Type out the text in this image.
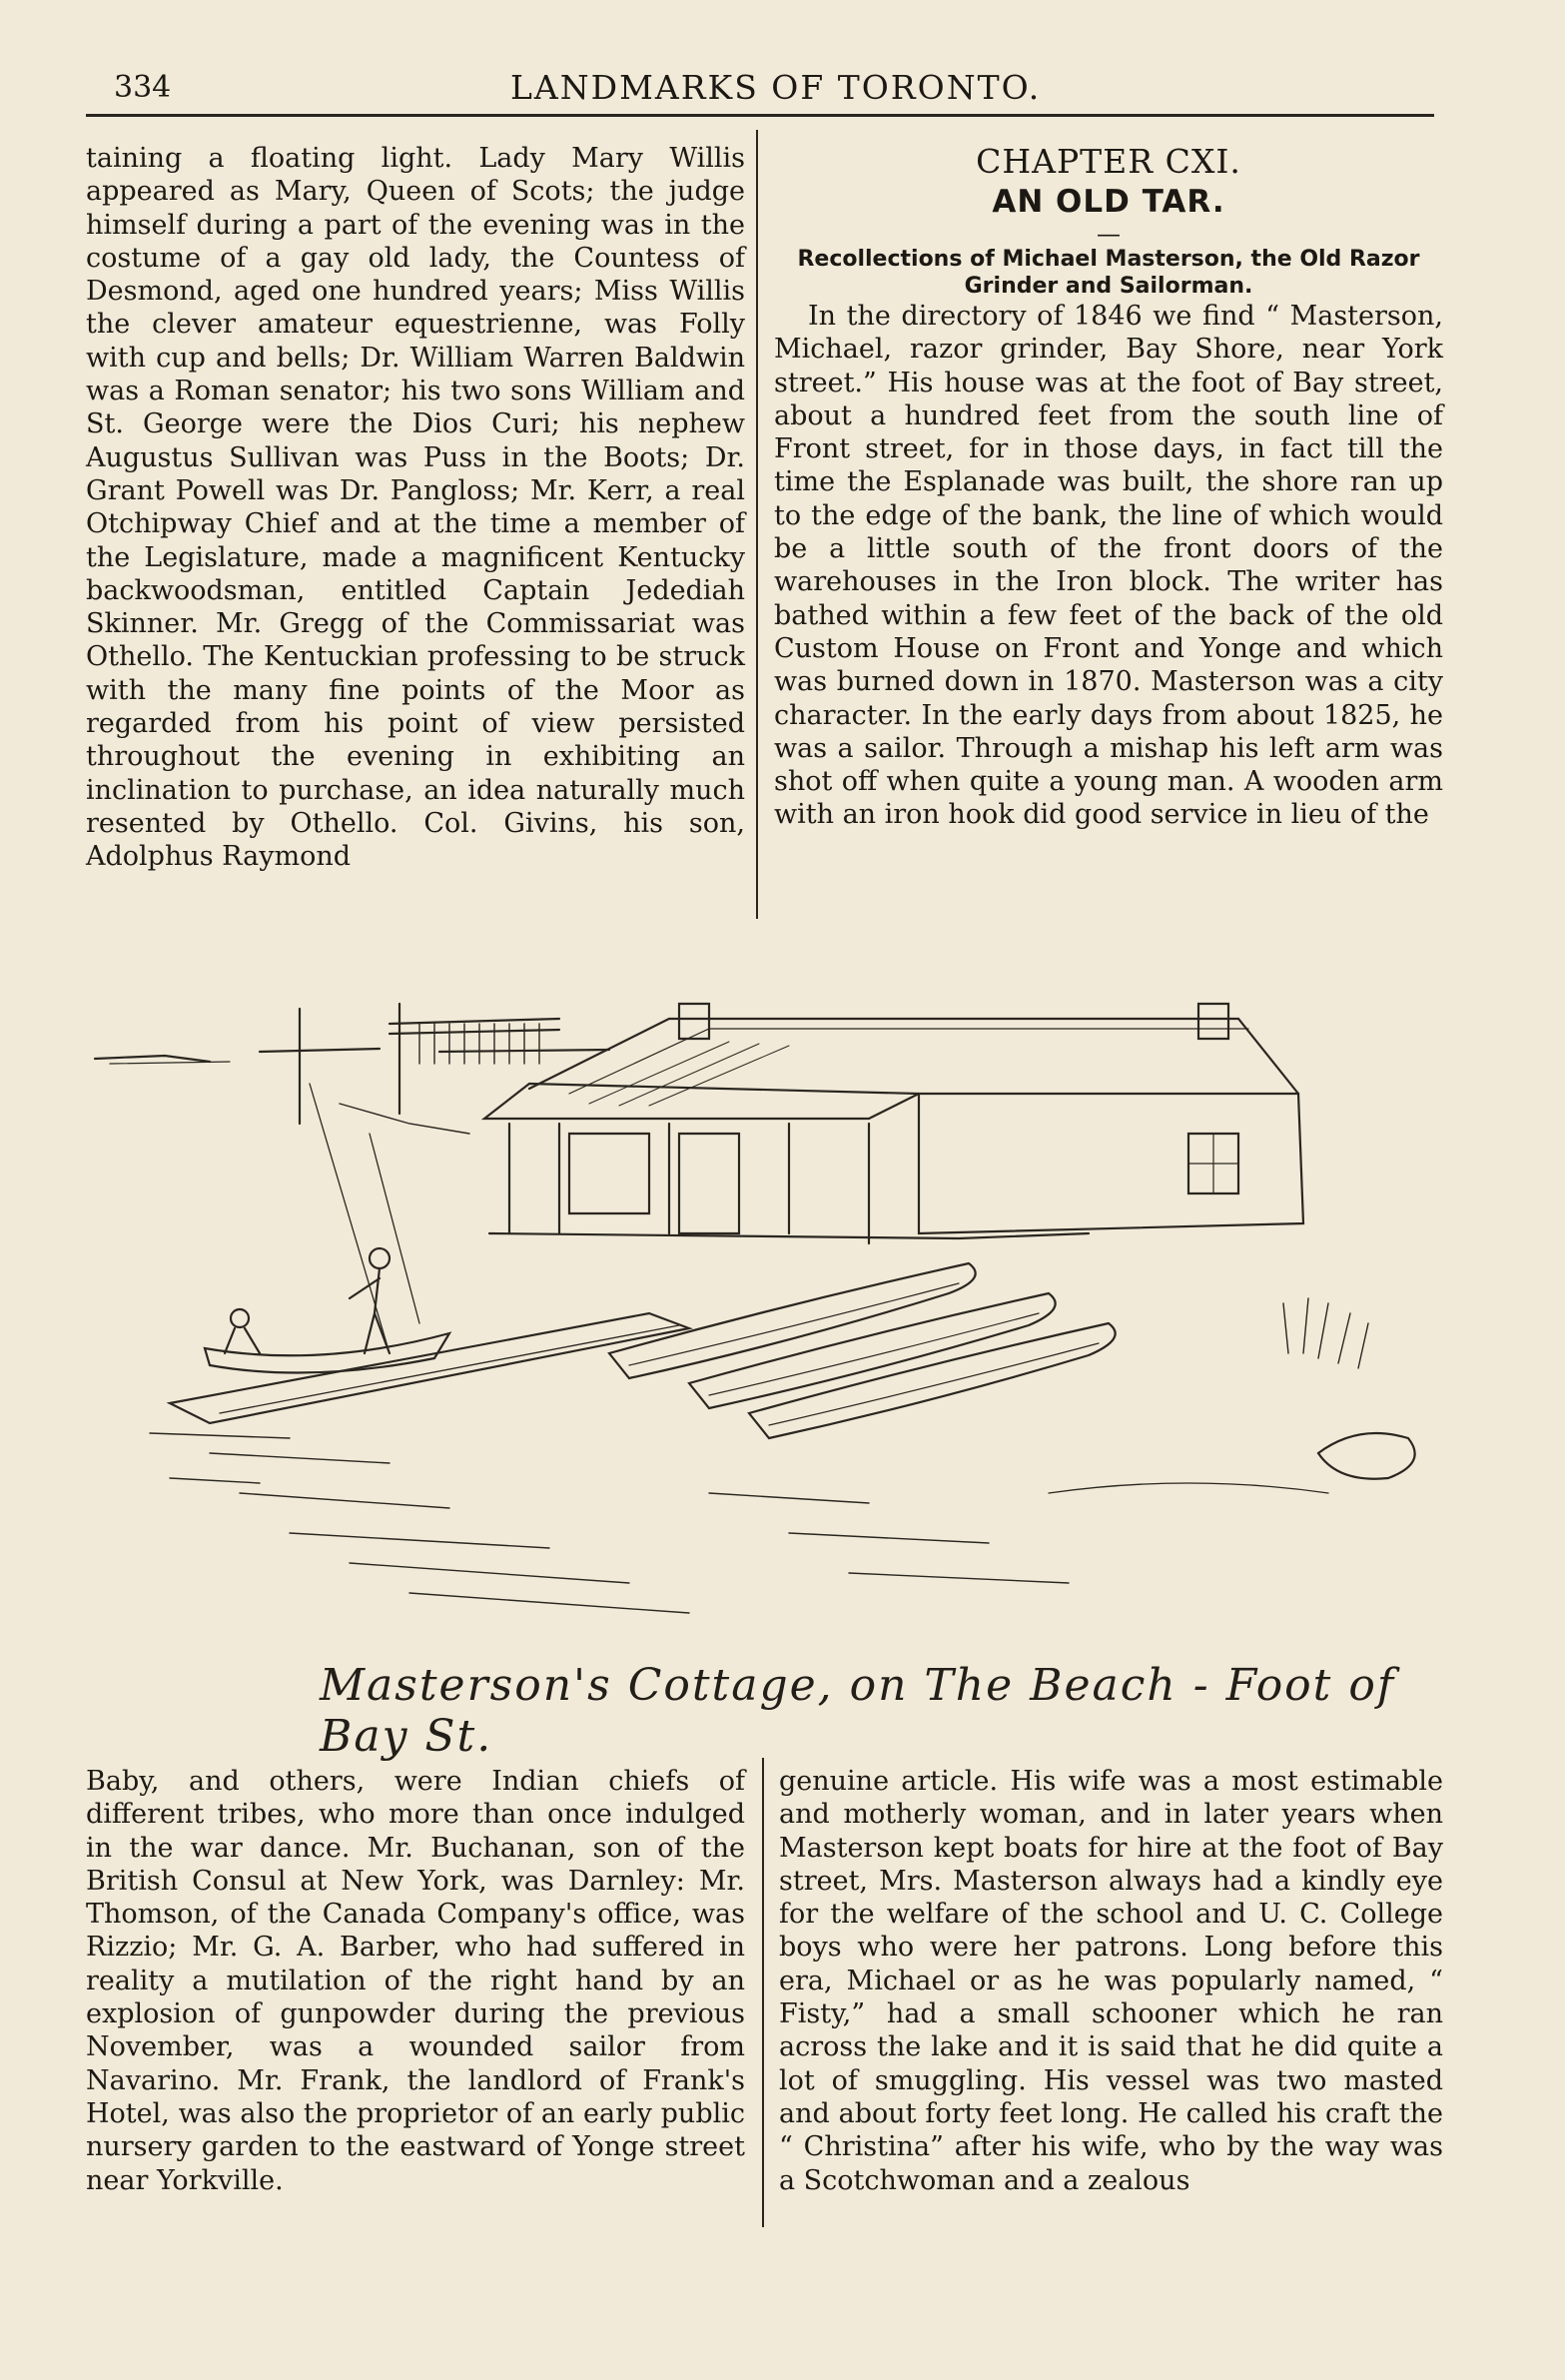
334	LANDMARKS OF TORONTO.

taining a floating light. Lady Mary Willis appeared as Mary, Queen of Scots; the judge himself during a part of the evening was in the costume of a gay old lady, the Countess of Desmond, aged one hundred years; Miss Willis the clever amateur equestrienne, was Folly with cup and bells; Dr. William Warren Baldwin was a Roman senator; his two sons William and St. George were the Dios Curi; his nephew Augustus Sullivan was Puss in the Boots; Dr. Grant Powell was Dr. Pangloss; Mr. Kerr, a real Otchipway Chief and at the time a member of the Legislature, made a magnificent Kentucky backwoodsman, entitled Captain Jedediah Skinner. Mr. Gregg of the Commissariat was Othello. The Kentuckian professing to be struck with the many fine points of the Moor as regarded from his point of view persisted throughout the evening in exhibiting an inclination to purchase, an idea naturally much resented by Othello. Col. Givins, his son, Adolphus Raymond

CHAPTER CXI.
AN OLD TAR.
—
Recollections of Michael Masterson, the Old Razor Grinder and Sailorman.

In the directory of 1846 we find “ Masterson, Michael, razor grinder, Bay Shore, near York street.” His house was at the foot of Bay street, about a hundred feet from the south line of Front street, for in those days, in fact till the time the Esplanade was built, the shore ran up to the edge of the bank, the line of which would be a little south of the front doors of the warehouses in the Iron block. The writer has bathed within a few feet of the back of the old Custom House on Front and Yonge and which was burned down in 1870. Masterson was a city character. In the early days from about 1825, he was a sailor. Through a mishap his left arm was shot off when quite a young man. A wooden arm with an iron hook did good service in lieu of the

Masterson's Cottage, on The Beach - Foot of Bay St.

Baby, and others, were Indian chiefs of different tribes, who more than once indulged in the war dance. Mr. Buchanan, son of the British Consul at New York, was Darnley: Mr. Thomson, of the Canada Company's office, was Rizzio; Mr. G. A. Barber, who had suffered in reality a mutilation of the right hand by an explosion of gunpowder during the previous November, was a wounded sailor from Navarino. Mr. Frank, the landlord of Frank's Hotel, was also the proprietor of an early public nursery garden to the eastward of Yonge street near Yorkville.

genuine article. His wife was a most estimable and motherly woman, and in later years when Masterson kept boats for hire at the foot of Bay street, Mrs. Masterson always had a kindly eye for the welfare of the school and U. C. College boys who were her patrons. Long before this era, Michael or as he was popularly named, “ Fisty,” had a small schooner which he ran across the lake and it is said that he did quite a lot of smuggling. His vessel was two masted and about forty feet long. He called his craft the “ Christina” after his wife, who by the way was a Scotchwoman and a zealous
